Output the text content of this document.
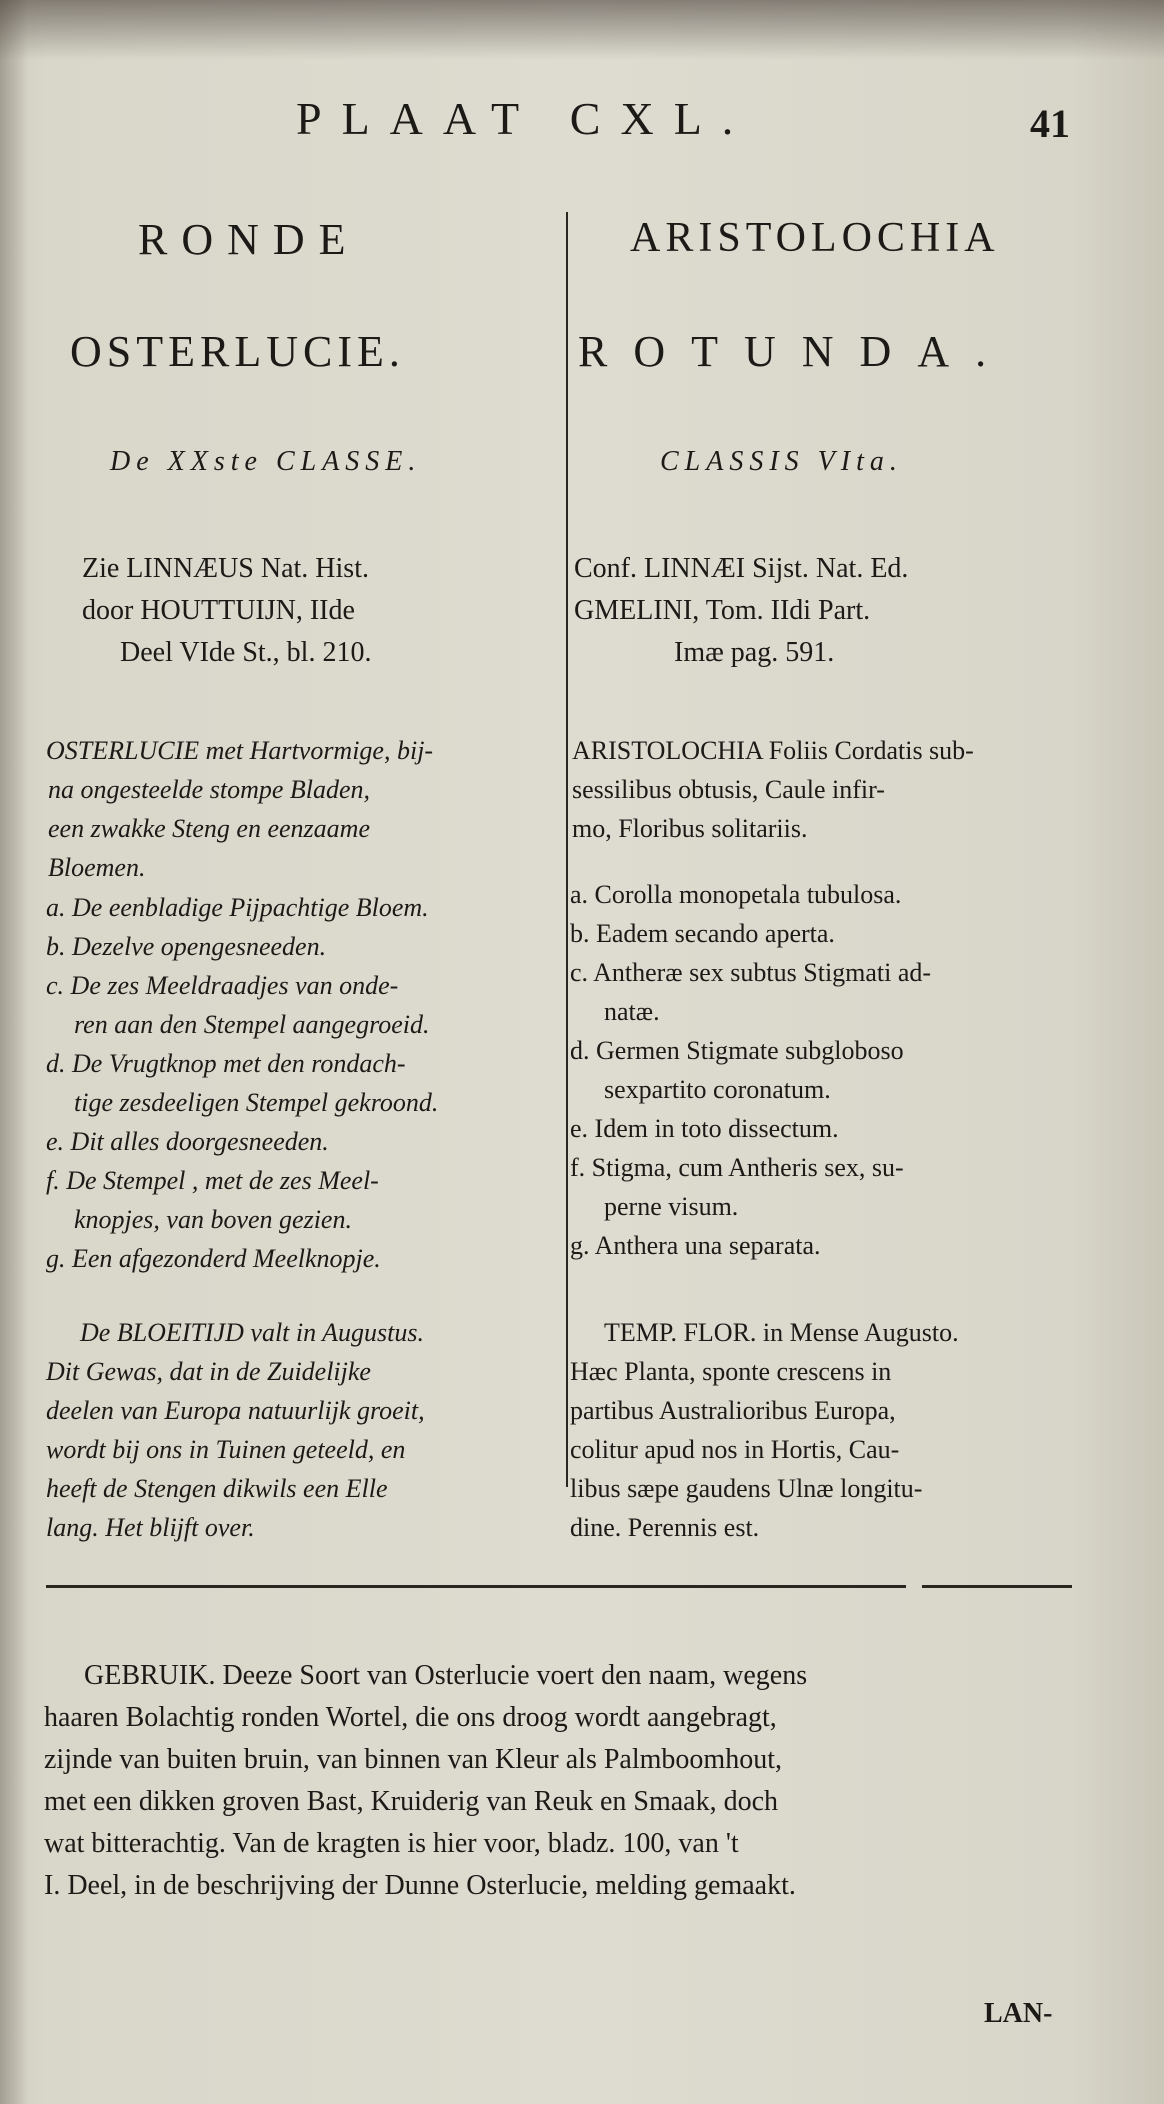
PLAAT CXL.	41
RONDE
OSTERLUCIE.
De XXste CLASSE.
Zie LINNÆUS Nat. Hist.
door HOUTTUIJN, IIde
Deel VIde St., bl. 210.
OSTERLUCIE met Hartvormige, bij-
na ongesteelde stompe Bladen,
een zwakke Steng en eenzaame
Bloemen.
a. De eenbladige Pijpachtige Bloem.
b. Dezelve opengesneeden.
c. De zes Meeldraadjes van onde-
ren aan den Stempel aangegroeid.
d. De Vrugtknop met den rondach-
tige zesdeeligen Stempel gekroond.
e. Dit alles doorgesneeden.
f. De Stempel , met de zes Meel-
knopjes, van boven gezien.
g. Een afgezonderd Meelknopje.
De BLOEITIJD valt in Augustus.
Dit Gewas, dat in de Zuidelijke
deelen van Europa natuurlijk groeit,
wordt bij ons in Tuinen geteeld, en
heeft de Stengen dikwils een Elle
lang. Het blijft over.
ARISTOLOCHIA
ROTUNDA.
CLASSIS VIta.
Conf. LINNÆI Sijst. Nat. Ed.
GMELINI, Tom. IIdi Part.
Imæ pag. 591.
ARISTOLOCHIA Foliis Cordatis sub-
sessilibus obtusis, Caule infir-
mo, Floribus solitariis.
a. Corolla monopetala tubulosa.
b. Eadem secando aperta.
c. Antheræ sex subtus Stigmati ad-
natæ.
d. Germen Stigmate subgloboso
sexpartito coronatum.
e. Idem in toto dissectum.
f. Stigma, cum Antheris sex, su-
perne visum.
g. Anthera una separata.
TEMP. FLOR. in Mense Augusto.
Hæc Planta, sponte crescens in
partibus Australioribus Europa,
colitur apud nos in Hortis, Cau-
libus sæpe gaudens Ulnæ longitu-
dine. Perennis est.
GEBRUIK. Deeze Soort van Osterlucie voert den naam, wegens
haaren Bolachtig ronden Wortel, die ons droog wordt aangebragt,
zijnde van buiten bruin, van binnen van Kleur als Palmboomhout,
met een dikken groven Bast, Kruiderig van Reuk en Smaak, doch
wat bitterachtig. Van de kragten is hier voor, bladz. 100, van 't
I. Deel, in de beschrijving der Dunne Osterlucie, melding gemaakt.
LAN-
